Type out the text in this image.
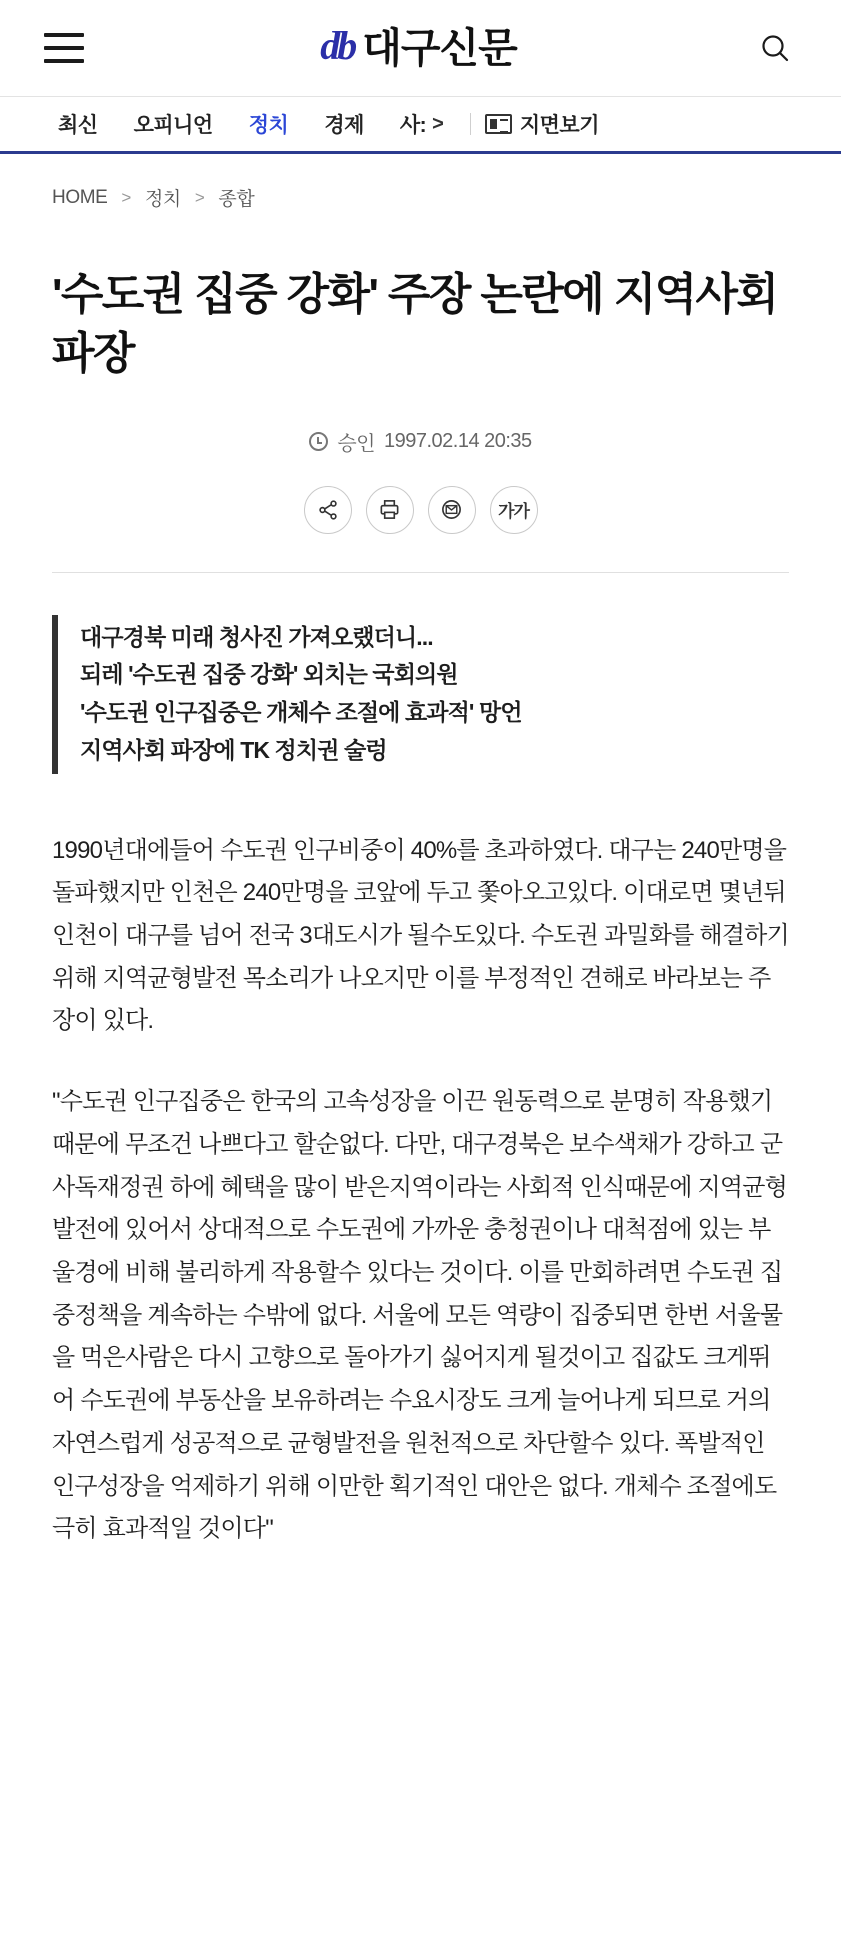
db 대구신문
최신	오피니언	정치	경제	사: >	지면보기
HOME > 정치 > 종합
'수도권 집중 강화' 주장 논란에 지역사회 파장
승인 1997.02.14 20:35
가가
대구경북 미래 청사진 가져오랬더니...
되레 '수도권 집중 강화' 외치는 국회의원
'수도권 인구집중은 개체수 조절에 효과적' 망언
지역사회 파장에 TK 정치권 술렁

1990년대에들어 수도권 인구비중이 40%를 초과하였다. 대구는 240만명을 돌파했지만 인천은 240만명을 코앞에 두고 쫓아오고있다. 이대로면 몇년뒤 인천이 대구를 넘어 전국 3대도시가 될수도있다. 수도권 과밀화를 해결하기위해 지역균형발전 목소리가 나오지만 이를 부정적인 견해로 바라보는 주장이 있다.

"수도권 인구집중은 한국의 고속성장을 이끈 원동력으로 분명히 작용했기 때문에 무조건 나쁘다고 할순없다. 다만, 대구경북은 보수색채가 강하고 군사독재정권 하에 혜택을 많이 받은지역이라는 사회적 인식때문에 지역균형 발전에 있어서 상대적으로 수도권에 가까운 충청권이나 대척점에 있는 부울경에 비해 불리하게 작용할수 있다는 것이다. 이를 만회하려면 수도권 집중정책을 계속하는 수밖에 없다. 서울에 모든 역량이 집중되면 한번 서울물을 먹은사람은 다시 고향으로 돌아가기 싫어지게 될것이고 집값도 크게뛰어 수도권에 부동산을 보유하려는 수요시장도 크게 늘어나게 되므로 거의 자연스럽게 성공적으로 균형발전을 원천적으로 차단할수 있다. 폭발적인 인구성장을 억제하기 위해 이만한 획기적인 대안은 없다. 개체수 조절에도 극히 효과적일 것이다"
